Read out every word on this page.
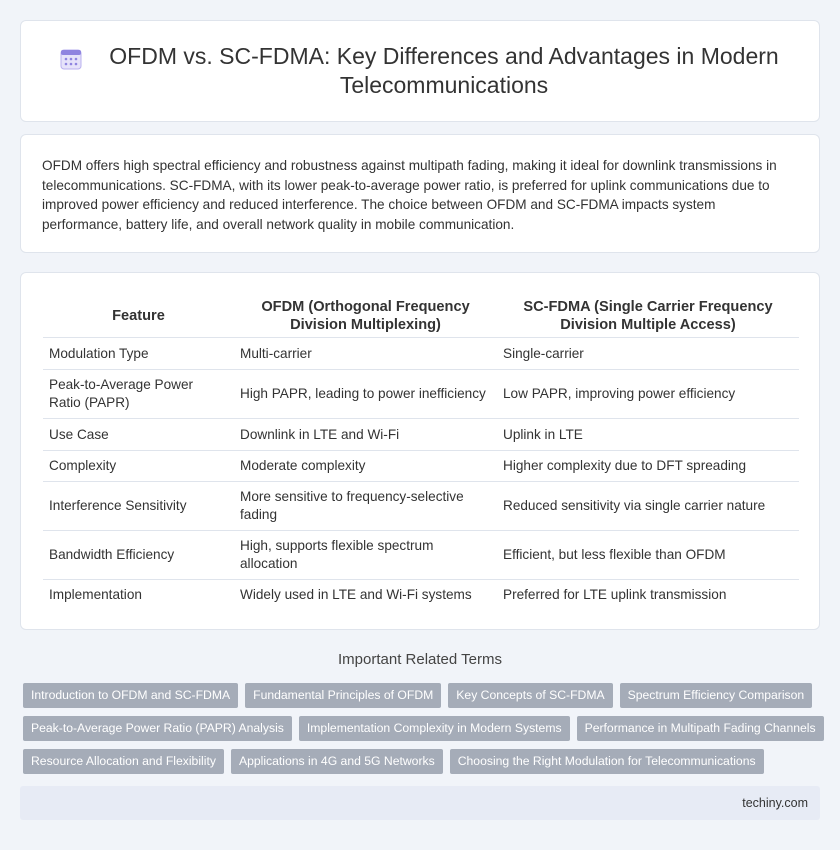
OFDM vs. SC-FDMA: Key Differences and Advantages in Modern Telecommunications

OFDM offers high spectral efficiency and robustness against multipath fading, making it ideal for downlink transmissions in telecommunications. SC-FDMA, with its lower peak-to-average power ratio, is preferred for uplink communications due to improved power efficiency and reduced interference. The choice between OFDM and SC-FDMA impacts system performance, battery life, and overall network quality in mobile communication.

Feature	OFDM (Orthogonal Frequency Division Multiplexing)	SC-FDMA (Single Carrier Frequency Division Multiple Access)
Modulation Type	Multi-carrier	Single-carrier
Peak-to-Average Power Ratio (PAPR)	High PAPR, leading to power inefficiency	Low PAPR, improving power efficiency
Use Case	Downlink in LTE and Wi-Fi	Uplink in LTE
Complexity	Moderate complexity	Higher complexity due to DFT spreading
Interference Sensitivity	More sensitive to frequency-selective fading	Reduced sensitivity via single carrier nature
Bandwidth Efficiency	High, supports flexible spectrum allocation	Efficient, but less flexible than OFDM
Implementation	Widely used in LTE and Wi-Fi systems	Preferred for LTE uplink transmission
Important Related Terms
Introduction to OFDM and SC-FDMA	Fundamental Principles of OFDM	Key Concepts of SC-FDMA	Spectrum Efficiency Comparison
Peak-to-Average Power Ratio (PAPR) Analysis	Implementation Complexity in Modern Systems	Performance in Multipath Fading Channels
Resource Allocation and Flexibility	Applications in 4G and 5G Networks	Choosing the Right Modulation for Telecommunications
techiny.com
